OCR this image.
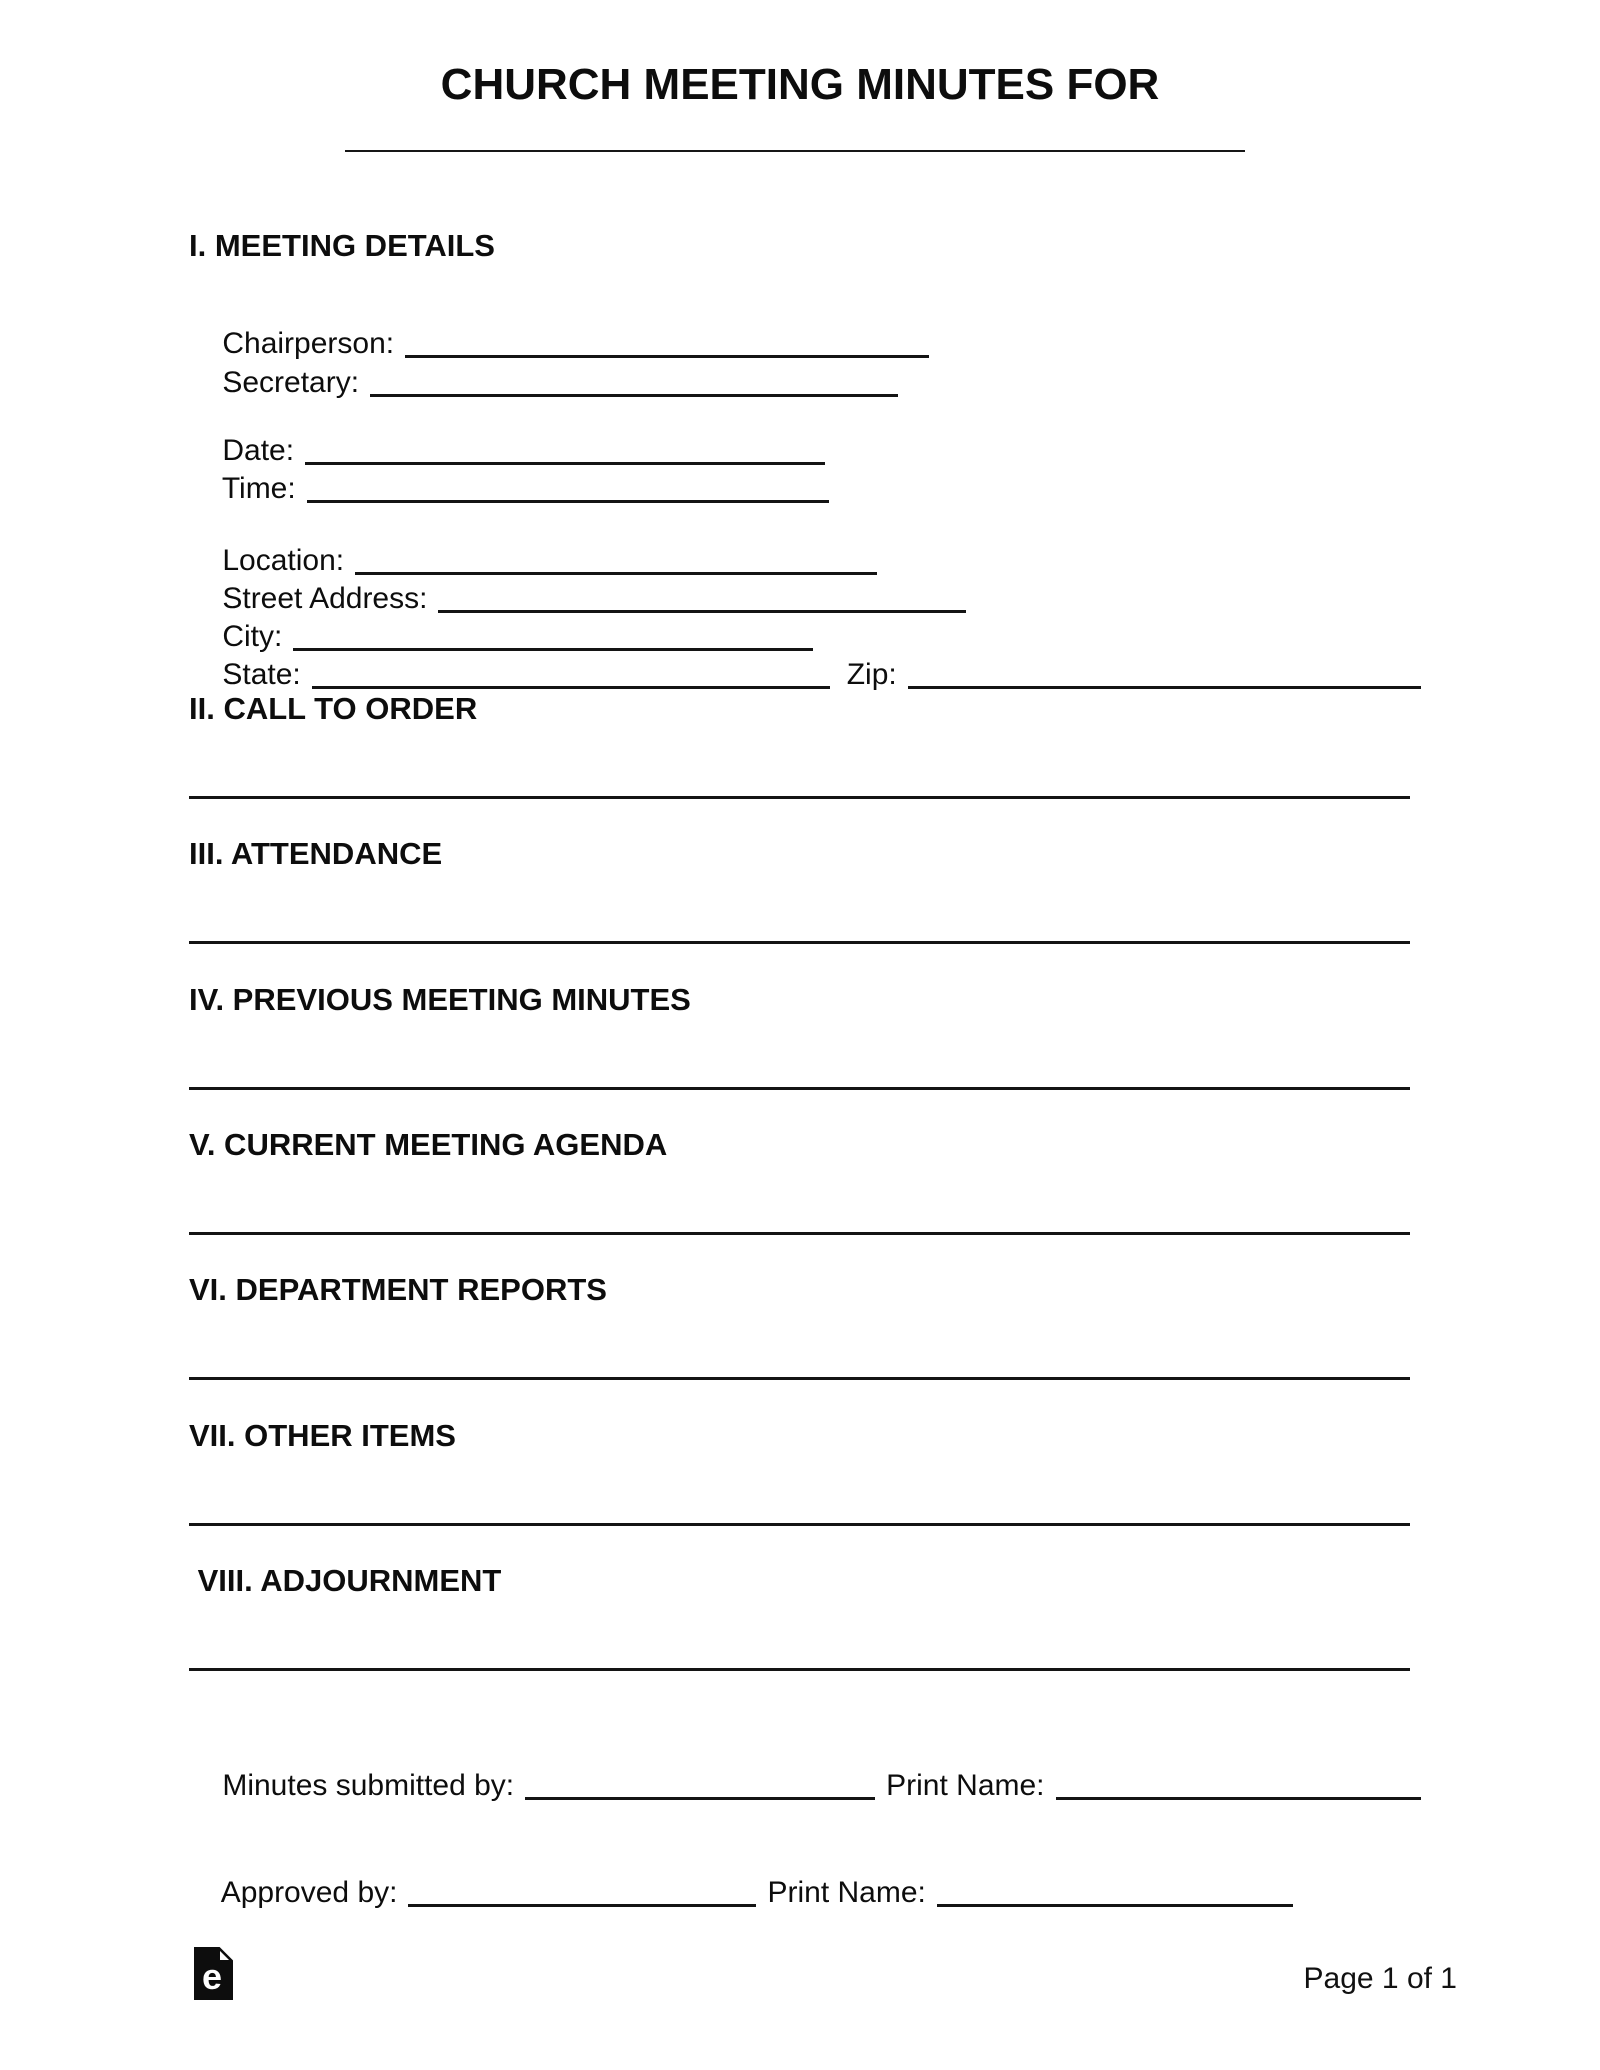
CHURCH MEETING MINUTES FOR
I. MEETING DETAILS

Chairperson:

Secretary:

Date:

Time:

Location:

Street Address:

City:

State:	Zip:

II. CALL TO ORDER
III. ATTENDANCE
IV. PREVIOUS MEETING MINUTES
V. CURRENT MEETING AGENDA
VI. DEPARTMENT REPORTS
VII. OTHER ITEMS
VIII. ADJOURNMENT

Minutes submitted by:	Print Name:

Approved by:	Print Name:

e	Page 1 of 1
